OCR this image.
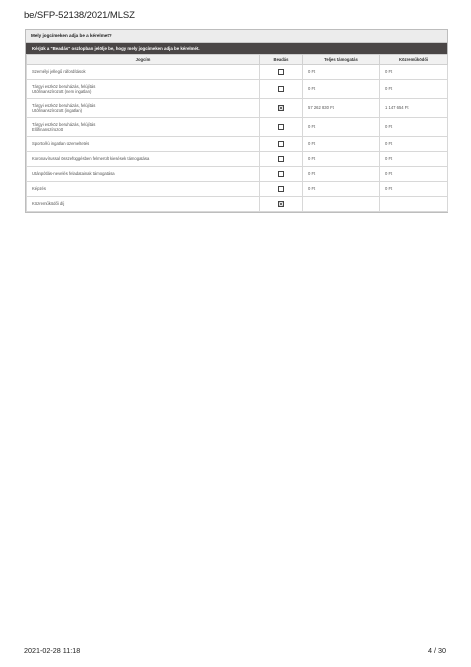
be/SFP-52138/2021/MLSZ
Mely jogcímeken adja be a kérelmet?
Kérjük a "Beadás" oszlopban jelölje be, hogy mely jogcímeken adja be kérelmét.
Jogcím	Beadás	Teljes támogatás	Közreműködői

Személyi jellegű ráfordítások		0 Ft	0 Ft

Tárgyi eszköz beruházás, felújítás
Utófinanszírozott (nem ingatlan)		0 Ft	0 Ft

Tárgyi eszköz beruházás, felújítás
Utófinanszírozott (ingatlan)		57 262 830 Ft	1 147 654 Ft

Tárgyi eszköz beruházás, felújítás
Előfinanszírozott		0 Ft	0 Ft

Sportcélú ingatlan üzemeltetés		0 Ft	0 Ft

Koronavírussal összefüggésben felmerült kiesések támogatása		0 Ft	0 Ft

Utánpótlás-nevelés feladatainak támogatása		0 Ft	0 Ft

Képzés		0 Ft	0 Ft

Közreműködői díj

2021-02-28 11:18	4 / 30
